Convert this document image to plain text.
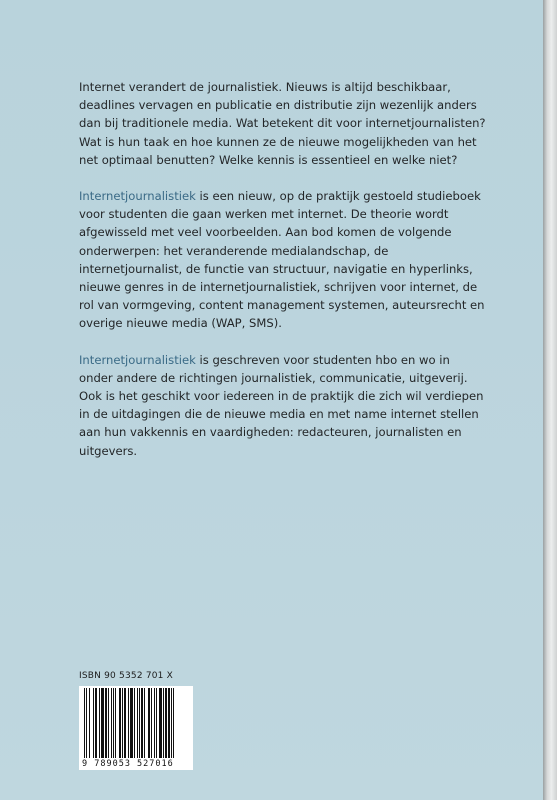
Internet verandert de journalistiek. Nieuws is altijd beschikbaar, deadlines vervagen en publicatie en distributie zijn wezenlijk anders dan bij traditionele media. Wat betekent dit voor internetjournalisten? Wat is hun taak en hoe kunnen ze de nieuwe mogelijkheden van het net optimaal benutten? Welke kennis is essentieel en welke niet?

Internetjournalistiek is een nieuw, op de praktijk gestoeld studieboek voor studenten die gaan werken met internet. De theorie wordt afgewisseld met veel voorbeelden. Aan bod komen de volgende onderwerpen: het veranderende medialandschap, de internetjournalist, de functie van structuur, navigatie en hyperlinks, nieuwe genres in de internetjournalistiek, schrijven voor internet, de rol van vormgeving, content management systemen, auteursrecht en overige nieuwe media (WAP, SMS).

Internetjournalistiek is geschreven voor studenten hbo en wo in onder andere de richtingen journalistiek, communicatie, uitgeverij. Ook is het geschikt voor iedereen in de praktijk die zich wil verdiepen in de uitdagingen die de nieuwe media en met name internet stellen aan hun vakkennis en vaardigheden: redacteuren, journalisten en uitgevers.

ISBN 90 5352 701 X
9 789053 527016
